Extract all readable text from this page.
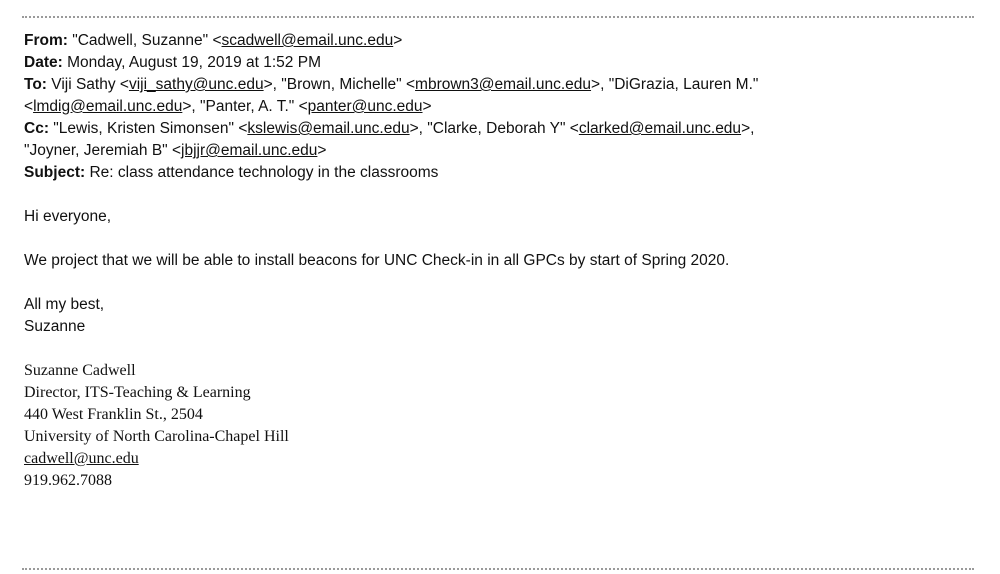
From: "Cadwell, Suzanne" <scadwell@email.unc.edu>
Date: Monday, August 19, 2019 at 1:52 PM
To: Viji Sathy <viji_sathy@unc.edu>, "Brown, Michelle" <mbrown3@email.unc.edu>, "DiGrazia, Lauren M."
<lmdig@email.unc.edu>, "Panter, A. T." <panter@unc.edu>
Cc: "Lewis, Kristen Simonsen" <kslewis@email.unc.edu>, "Clarke, Deborah Y" <clarked@email.unc.edu>,
"Joyner, Jeremiah B" <jbjjr@email.unc.edu>
Subject: Re: class attendance technology in the classrooms
Hi everyone,
We project that we will be able to install beacons for UNC Check-in in all GPCs by start of Spring 2020.
All my best,
Suzanne
Suzanne Cadwell
Director, ITS-Teaching & Learning
440 West Franklin St., 2504
University of North Carolina-Chapel Hill
cadwell@unc.edu
919.962.7088
